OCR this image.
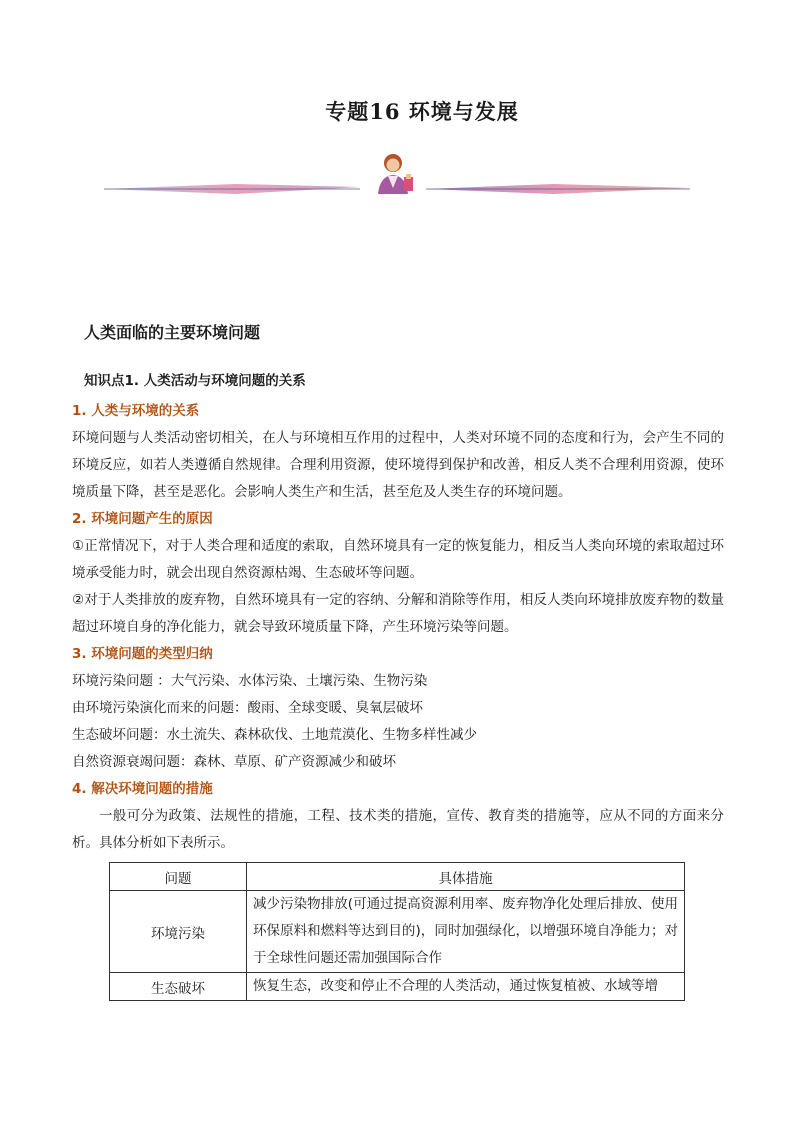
专题16 环境与发展
人类面临的主要环境问题
知识点1. 人类活动与环境问题的关系
1. 人类与环境的关系

环境问题与人类活动密切相关，在人与环境相互作用的过程中，人类对环境不同的态度和行为，会产生不同的环境反应，如若人类遵循自然规律。合理利用资源，使环境得到保护和改善，相反人类不合理利用资源，使环境质量下降，甚至是恶化。会影响人类生产和生活，甚至危及人类生存的环境问题。

2. 环境问题产生的原因

①正常情况下，对于人类合理和适度的索取，自然环境具有一定的恢复能力，相反当人类向环境的索取超过环境承受能力时，就会出现自然资源枯竭、生态破坏等问题。

②对于人类排放的废弃物，自然环境具有一定的容纳、分解和消除等作用，相反人类向环境排放废弃物的数量超过环境自身的净化能力，就会导致环境质量下降，产生环境污染等问题。

3. 环境问题的类型归纳

环境污染问题 ：大气污染、水体污染、土壤污染、生物污染

由环境污染演化而来的问题：酸雨、全球变暖、臭氧层破坏

生态破坏问题：水土流失、森林砍伐、土地荒漠化、生物多样性减少

自然资源衰竭问题：森林、草原、矿产资源减少和破坏

4. 解决环境问题的措施

一般可分为政策、法规性的措施，工程、技术类的措施，宣传、教育类的措施等，应从不同的方面来分析。具体分析如下表所示。

问题	具体措施
环境污染	减少污染物排放(可通过提高资源利用率、废弃物净化处理后排放、使用环保原料和燃料等达到目的)，同时加强绿化，以增强环境自净能力；对于全球性问题还需加强国际合作
生态破坏	恢复生态，改变和停止不合理的人类活动，通过恢复植被、水域等增
